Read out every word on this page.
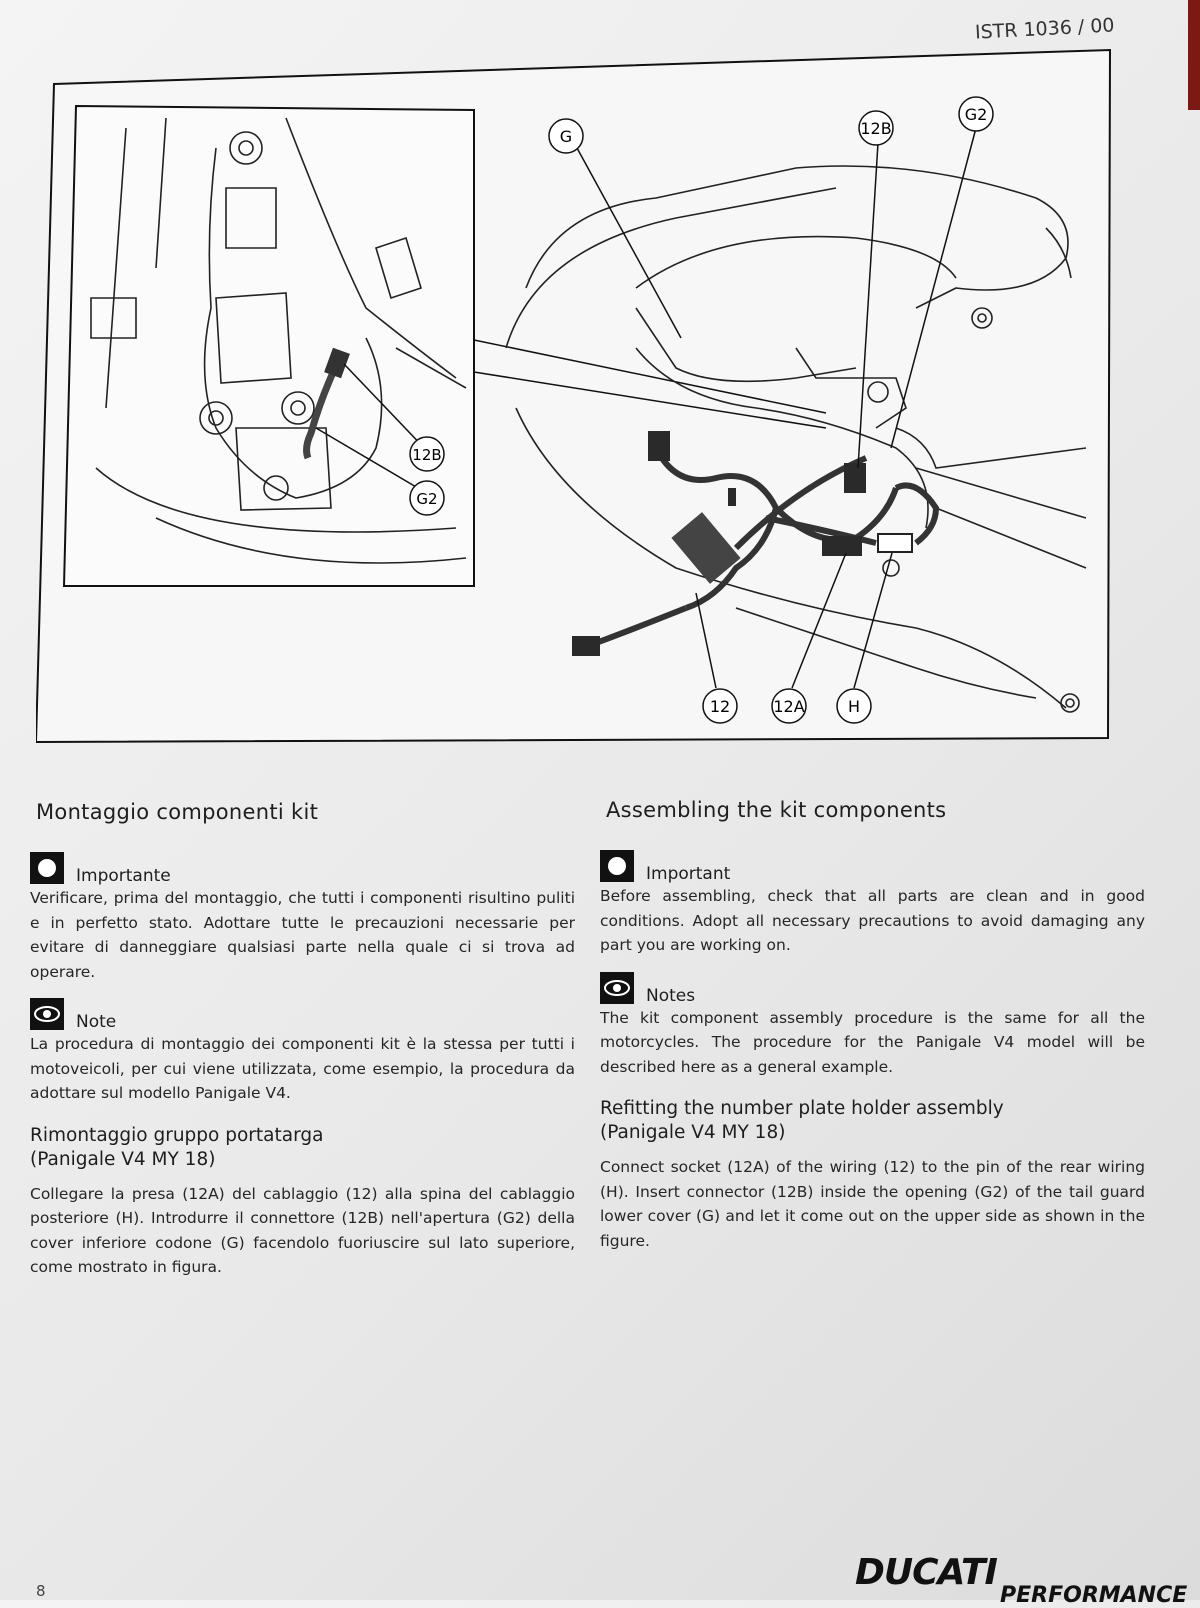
ISTR 1036 / 00
12B
G2
G	12B
G2
12	12A	H
Montaggio componenti kit
Importante

Verificare, prima del montaggio, che tutti i componenti risultino puliti e in perfetto stato. Adottare tutte le precauzioni necessarie per evitare di danneggiare qualsiasi parte nella quale ci si trova ad operare.

Note

La procedura di montaggio dei componenti kit è la stessa per tutti i motoveicoli, per cui viene utilizzata, come esempio, la procedura da adottare sul modello Panigale V4.

Rimontaggio gruppo portatarga
(Panigale V4 MY 18)

Collegare la presa (12A) del cablaggio (12) alla spina del cablaggio posteriore (H). Introdurre il connettore (12B) nell'apertura (G2) della cover inferiore codone (G) facendolo fuoriuscire sul lato superiore, come mostrato in figura.

Assembling the kit components
Important

Before assembling, check that all parts are clean and in good conditions. Adopt all necessary precautions to avoid damaging any part you are working on.

Notes

The kit component assembly procedure is the same for all the motorcycles. The procedure for the Panigale V4 model will be described here as a general example.

Refitting the number plate holder assembly
(Panigale V4 MY 18)

Connect socket (12A) of the wiring (12) to the pin of the rear wiring (H). Insert connector (12B) inside the opening (G2) of the tail guard lower cover (G) and let it come out on the upper side as shown in the figure.

8	DUCATI
PERFORMANCE
